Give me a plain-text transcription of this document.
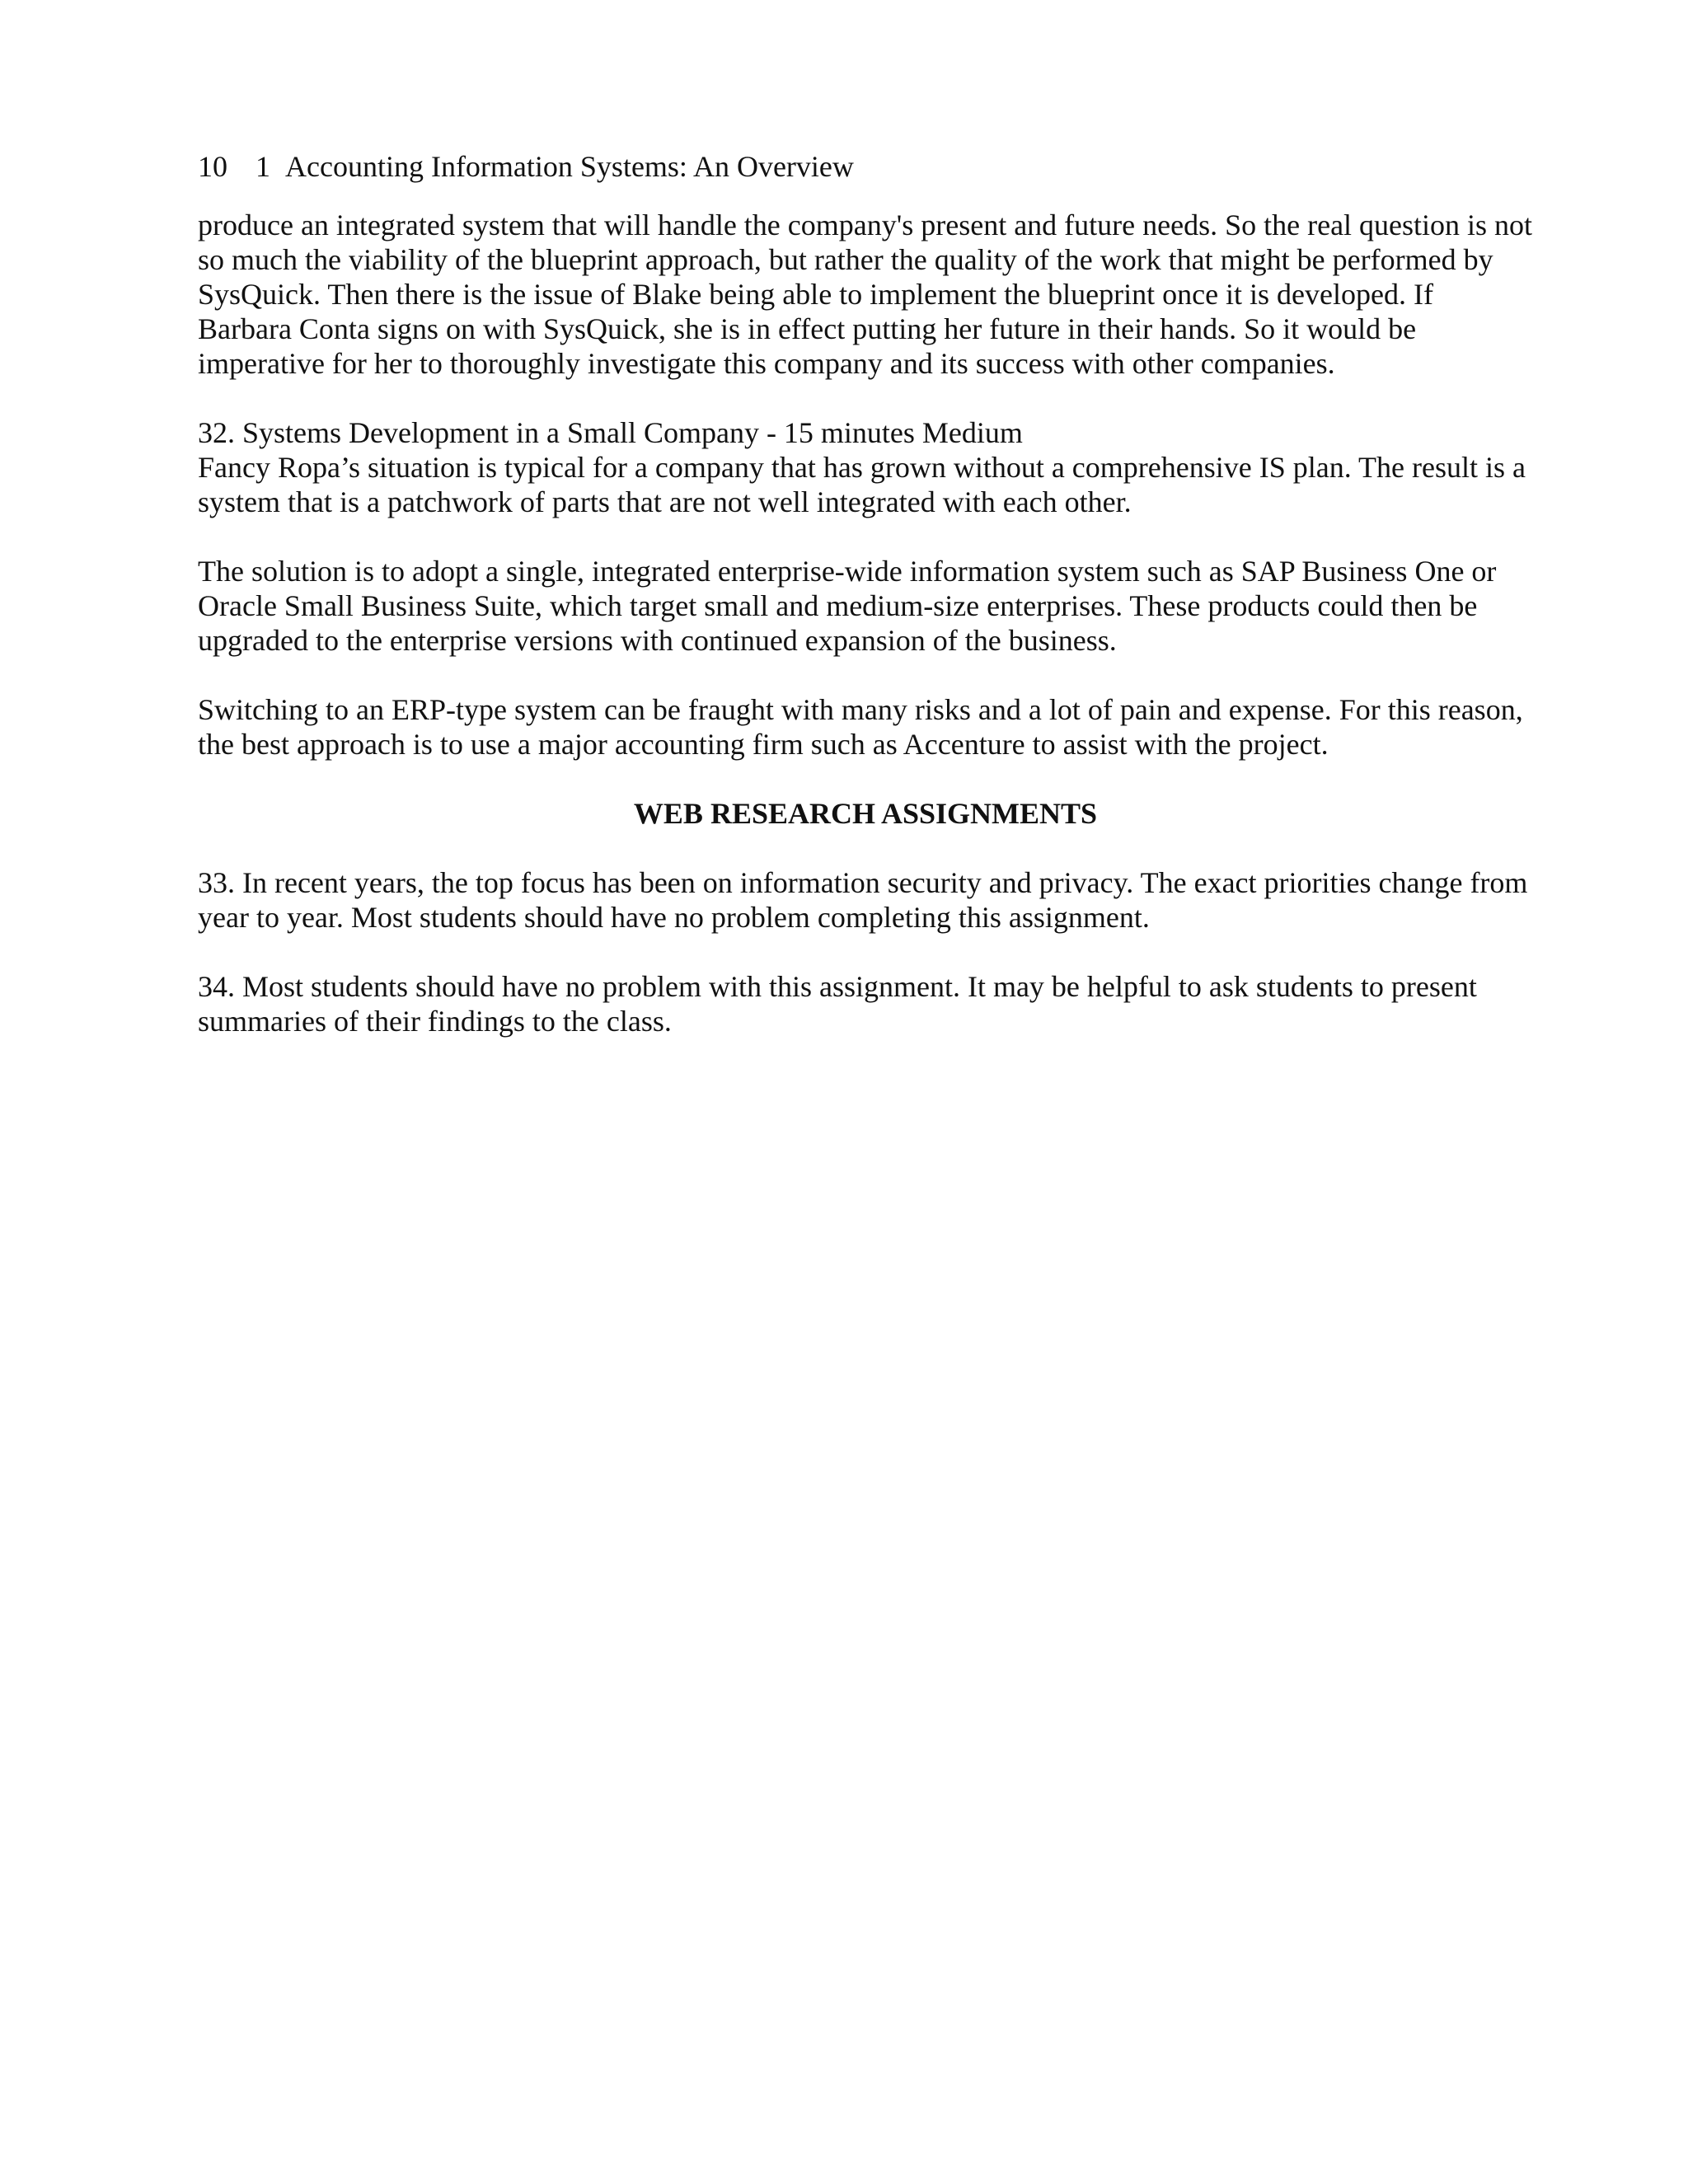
10 1 Accounting Information Systems: An Overview

produce an integrated system that will handle the company's present and future needs. So the real question is not so much the viability of the blueprint approach, but rather the quality of the work that might be performed by SysQuick. Then there is the issue of Blake being able to implement the blueprint once it is developed. If Barbara Conta signs on with SysQuick, she is in effect putting her future in their hands. So it would be imperative for her to thoroughly investigate this company and its success with other companies.

32. Systems Development in a Small Company - 15 minutes Medium

Fancy Ropa’s situation is typical for a company that has grown without a comprehensive IS plan. The result is a system that is a patchwork of parts that are not well integrated with each other.

The solution is to adopt a single, integrated enterprise-wide information system such as SAP Business One or Oracle Small Business Suite, which target small and medium-size enterprises. These products could then be upgraded to the enterprise versions with continued expansion of the business.

Switching to an ERP-type system can be fraught with many risks and a lot of pain and expense. For this reason, the best approach is to use a major accounting firm such as Accenture to assist with the project.

WEB RESEARCH ASSIGNMENTS

33. In recent years, the top focus has been on information security and privacy. The exact priorities change from year to year. Most students should have no problem completing this assignment.

34. Most students should have no problem with this assignment. It may be helpful to ask students to present summaries of their findings to the class.
